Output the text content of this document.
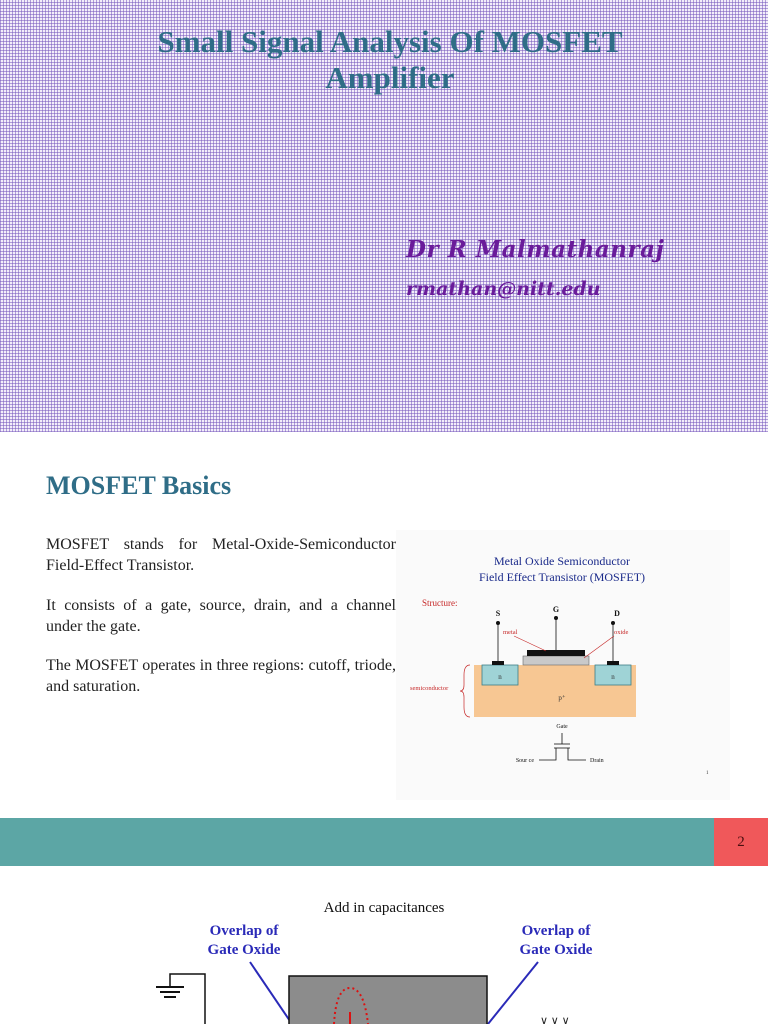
Small Signal Analysis Of MOSFET
Amplifier
Dr R Malmathanraj
rmathan@nitt.edu
MOSFET Basics

MOSFET stands for Metal-Oxide-Semiconductor Field-Effect Transistor.

It consists of a gate, source, drain, and a channel under the gate.

The MOSFET operates in three regions: cutoff, triode, and saturation.

Metal Oxide Semiconductor
Field Effect Transistor (MOSFET)
Structure:
n	n
p⁺
S	G	D
metal	oxide
semiconductor
Gate
Sour ce	Drain
1
2
Add in capacitances
Overlap of
Gate Oxide
Overlap of
Gate Oxide
∨ ∨ ∨
